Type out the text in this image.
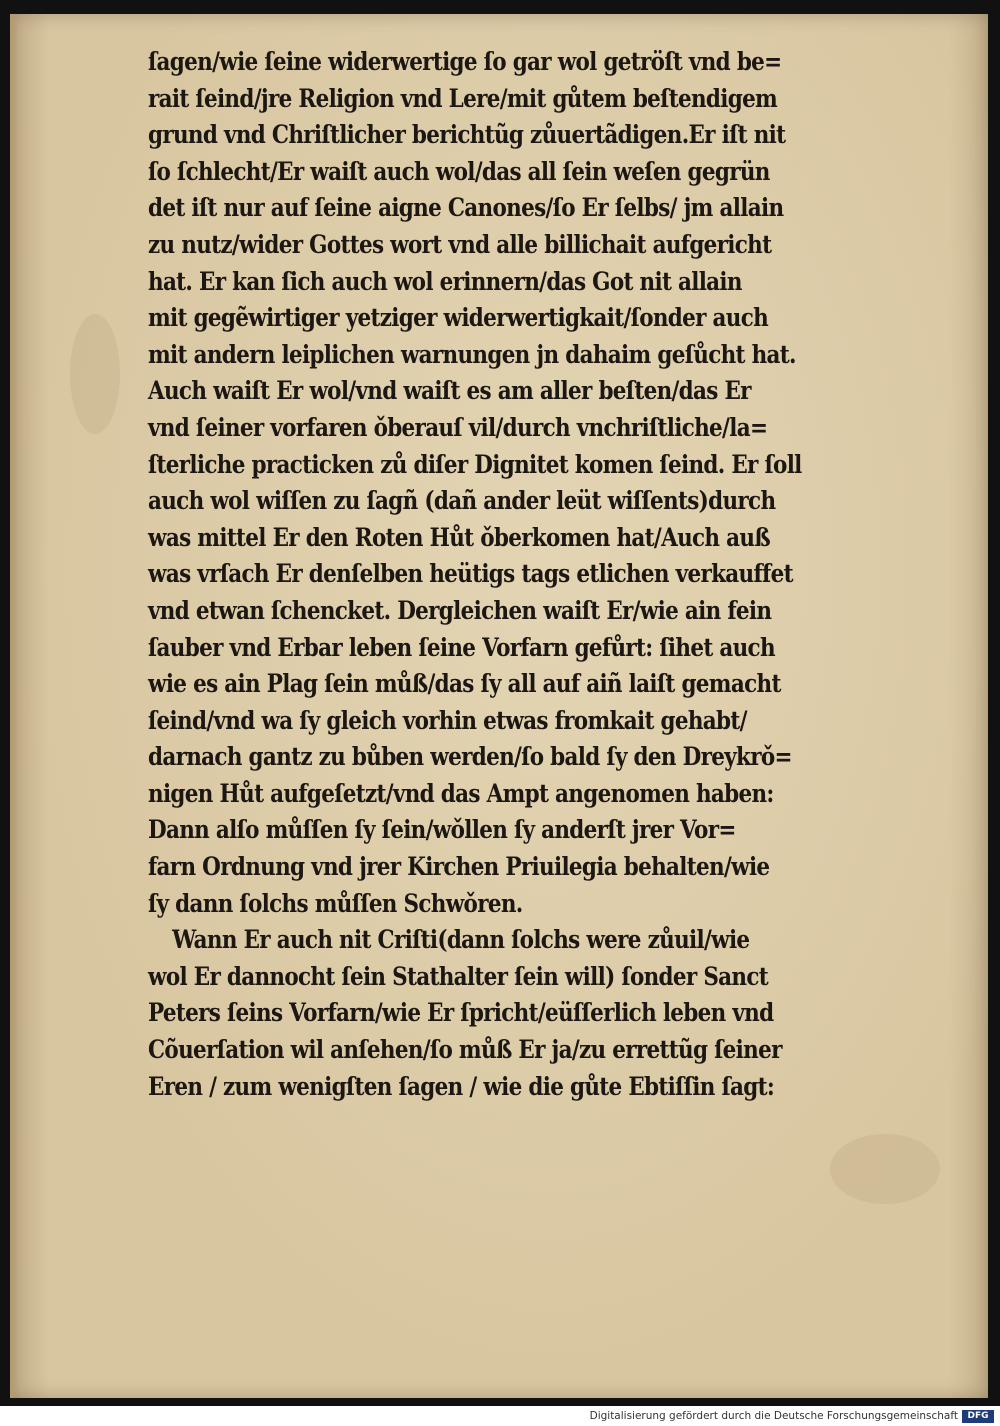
ſagen/wie ſeine widerwertige ſo gar wol getröſt vnd be=
rait ſeind/jre Religion vnd Lere/mit gůtem beſtendigem
grund vnd Chriſtlicher berichtũg zůuertãdigen.Er iſt nit
ſo ſchlecht/Er waiſt auch wol/das all ſein weſen gegrün
det iſt nur auf ſeine aigne Canones/ſo Er ſelbs/ jm allain
zu nutz/wider Gottes wort vnd alle billichait aufgericht
hat. Er kan ſich auch wol erinnern/das Got nit allain
mit gegẽwirtiger yetziger widerwertigkait/ſonder auch
mit andern leiplichen warnungen jn dahaim geſůcht hat.
Auch waiſt Er wol/vnd waiſt es am aller beſten/das Er
vnd ſeiner vorfaren ǒberauſ vil/durch vnchriſtliche/la=
ſterliche practicken zů diſer Dignitet komen ſeind. Er ſoll
auch wol wiſſen zu ſagñ (dañ ander leüt wiſſents)durch
was mittel Er den Roten Hůt ǒberkomen hat/Auch auß
was vrſach Er denſelben heütigs tags etlichen verkauffet
vnd etwan ſchencket. Dergleichen waiſt Er/wie ain fein
ſauber vnd Erbar leben ſeine Vorfarn gefůrt: ſihet auch
wie es ain Plag ſein můß/das ſy all auf aiñ laiſt gemacht
ſeind/vnd wa ſy gleich vorhin etwas fromkait gehabt/
darnach gantz zu bůben werden/ſo bald ſy den Dreykrǒ=
nigen Hůt aufgeſetzt/vnd das Ampt angenomen haben:
Dann alſo můſſen ſy ſein/wǒllen ſy anderſt jrer Vor=
farn Ordnung vnd jrer Kirchen Priuilegia behalten/wie
ſy dann ſolchs můſſen Schwǒren.
Wann Er auch nit Criſti(dann ſolchs were zůuil/wie
wol Er dannocht ſein Stathalter ſein will) ſonder Sanct
Peters ſeins Vorfarn/wie Er ſpricht/eüſſerlich leben vnd
Cõuerſation wil anſehen/ſo můß Er ja/zu errettũg ſeiner
Eren / zum wenigſten ſagen / wie die gůte Ebtiſſin ſagt:
Digitalisierung gefördert durch die Deutsche Forschungsgemeinschaft	DFG
